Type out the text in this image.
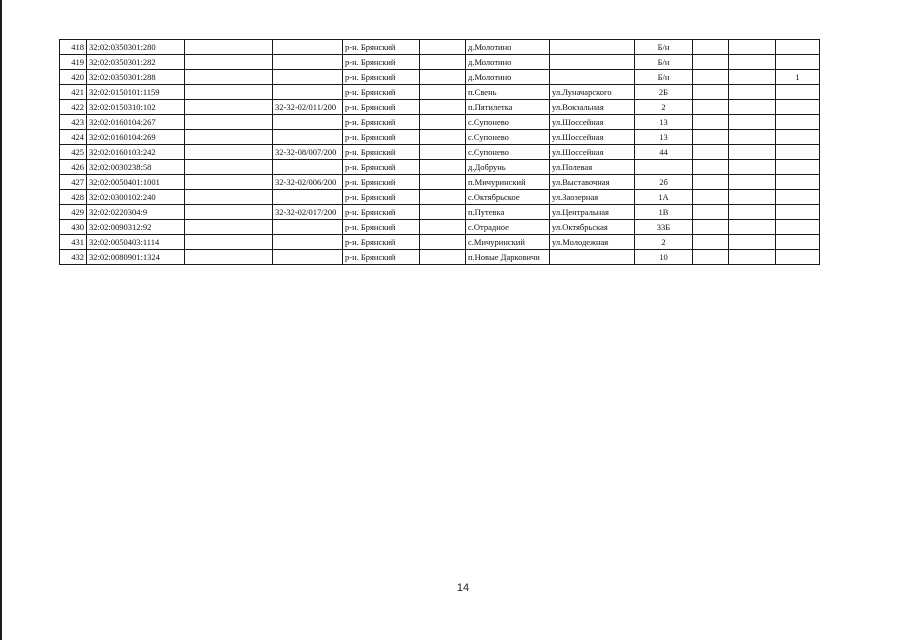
418	32:02:0350301:280			р-н. Брянский		д.Молотино		Б/н			
419	32:02:0350301:282			р-н. Брянский		д.Молотино		Б/н			
420	32:02:0350301:288			р-н. Брянский		д.Молотино		Б/н			1
421	32:02:0150101:1159			р-н. Брянский		п.Свень	ул.Луначарского	2Б			
422	32:02:0150310:102		32-32-02/011/200	р-н. Брянский		п.Пятилетка	ул.Вокзальная	2			
423	32:02:0160104:267			р-н. Брянский		с.Супонево	ул.Шоссейная	13			
424	32:02:0160104:269			р-н. Брянский		с.Супонево	ул.Шоссейная	13			
425	32:02:0160103:242		32-32-08/007/200	р-н. Брянский		с.Супонево	ул.Шоссейная	44			
426	32:02:0030238:58			р-н. Брянский		д.Добрунь	ул.Полевая				
427	32:02:0050401:1001		32-32-02/006/200	р-н. Брянский		п.Мичуринский	ул.Выставочная	2б			
428	32:02:0300102:240			р-н. Брянский		с.Октябрьское	ул.Заозерная	1А			
429	32:02:0220304:9		32-32-02/017/200	р-н. Брянский		п.Путевка	ул.Центральная	1В			
430	32:02:0090312:92			р-н. Брянский		с.Отрадное	ул.Октябрьская	33Б			
431	32:02:0050403:1114			р-н. Брянский		с.Мичуринский	ул.Молодежная	2			
432	32:02:0080901:1324			р-н. Брянский		п.Новые Дарковичи		10			
14
